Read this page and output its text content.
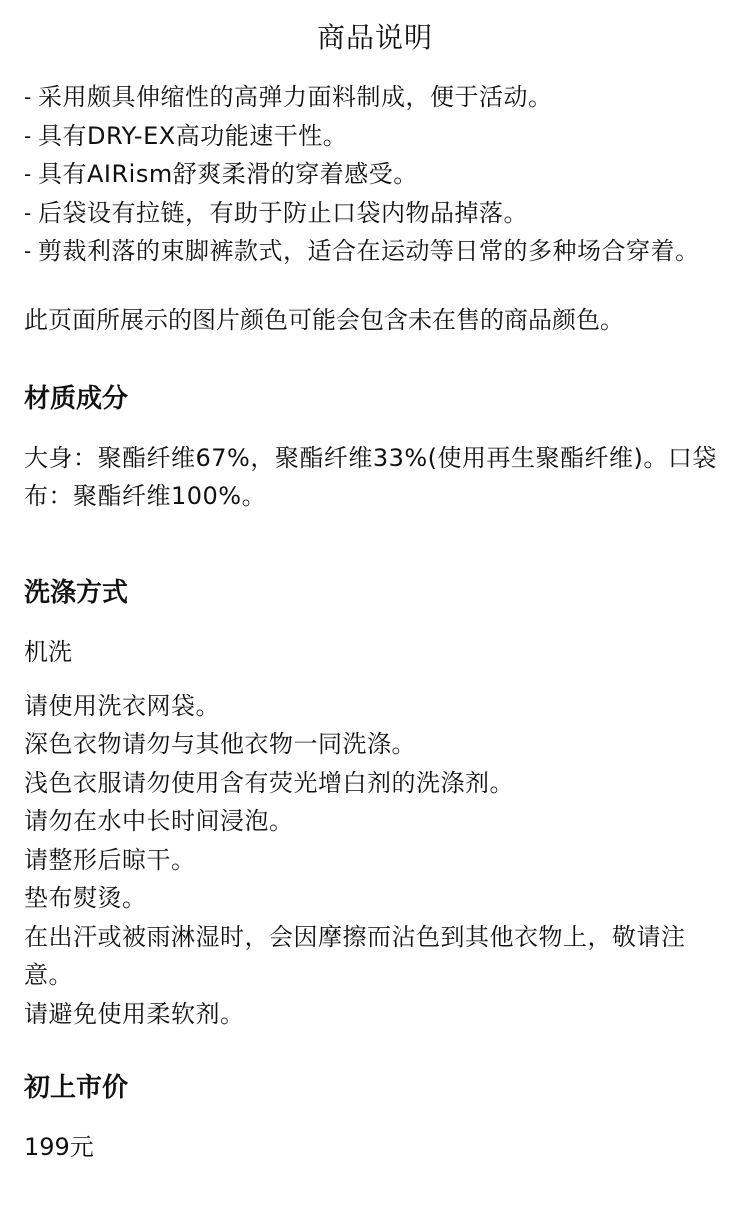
商品说明
- 采用颇具伸缩性的高弹力面料制成，便于活动。
- 具有DRY-EX高功能速干性。
- 具有AIRism舒爽柔滑的穿着感受。
- 后袋设有拉链，有助于防止口袋内物品掉落。
- 剪裁利落的束脚裤款式，适合在运动等日常的多种场合穿着。
此页面所展示的图片颜色可能会包含未在售的商品颜色。
材质成分
大身：聚酯纤维67%，聚酯纤维33%(使用再生聚酯纤维)。口袋布：聚酯纤维100%。
洗涤方式
机洗
请使用洗衣网袋。
深色衣物请勿与其他衣物一同洗涤。
浅色衣服请勿使用含有荧光增白剂的洗涤剂。
请勿在水中长时间浸泡。
请整形后晾干。
垫布熨烫。
在出汗或被雨淋湿时，会因摩擦而沾色到其他衣物上，敬请注意。
请避免使用柔软剂。
初上市价
199元
